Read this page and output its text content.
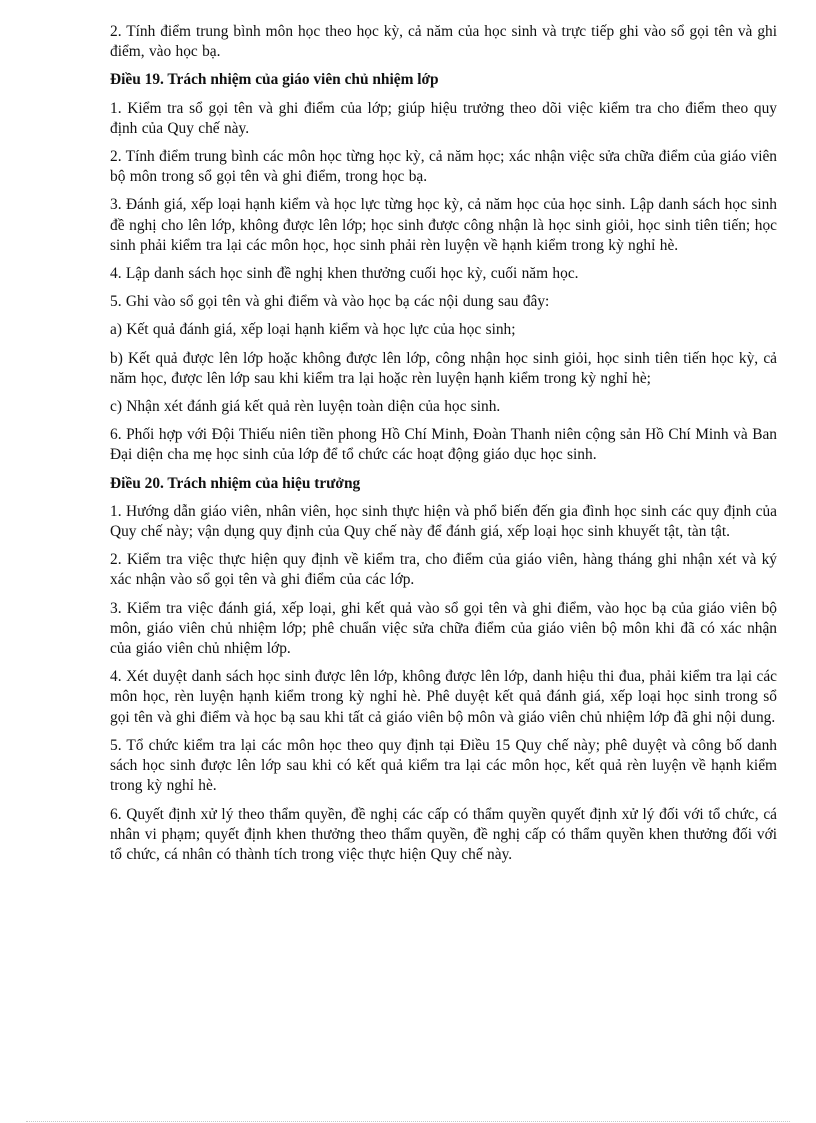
2. Tính điểm trung bình môn học theo học kỳ, cả năm của học sinh và trực tiếp ghi vào sổ gọi tên và ghi điểm, vào học bạ.

Điều 19. Trách nhiệm của giáo viên chủ nhiệm lớp

1. Kiểm tra sổ gọi tên và ghi điểm của lớp; giúp hiệu trưởng theo dõi việc kiểm tra cho điểm theo quy định của Quy chế này.

2. Tính điểm trung bình các môn học từng học kỳ, cả năm học; xác nhận việc sửa chữa điểm của giáo viên bộ môn trong sổ gọi tên và ghi điểm, trong học bạ.

3. Đánh giá, xếp loại hạnh kiểm và học lực từng học kỳ, cả năm học của học sinh. Lập danh sách học sinh đề nghị cho lên lớp, không được lên lớp; học sinh được công nhận là học sinh giỏi, học sinh tiên tiến; học sinh phải kiểm tra lại các môn học, học sinh phải rèn luyện về hạnh kiểm trong kỳ nghỉ hè.

4. Lập danh sách học sinh đề nghị khen thưởng cuối học kỳ, cuối năm học.

5. Ghi vào sổ gọi tên và ghi điểm và vào học bạ các nội dung sau đây:

a) Kết quả đánh giá, xếp loại hạnh kiểm và học lực của học sinh;

b) Kết quả được lên lớp hoặc không được lên lớp, công nhận học sinh giỏi, học sinh tiên tiến học kỳ, cả năm học, được lên lớp sau khi kiểm tra lại hoặc rèn luyện hạnh kiểm trong kỳ nghỉ hè;

c) Nhận xét đánh giá kết quả rèn luyện toàn diện của học sinh.

6. Phối hợp với Đội Thiếu niên tiền phong Hồ Chí Minh, Đoàn Thanh niên cộng sản Hồ Chí Minh và Ban Đại diện cha mẹ học sinh của lớp để tổ chức các hoạt động giáo dục học sinh.

Điều 20. Trách nhiệm của hiệu trưởng

1. Hướng dẫn giáo viên, nhân viên, học sinh thực hiện và phổ biến đến gia đình học sinh các quy định của Quy chế này; vận dụng quy định của Quy chế này để đánh giá, xếp loại học sinh khuyết tật, tàn tật.

2. Kiểm tra việc thực hiện quy định về kiểm tra, cho điểm của giáo viên, hàng tháng ghi nhận xét và ký xác nhận vào sổ gọi tên và ghi điểm của các lớp.

3. Kiểm tra việc đánh giá, xếp loại, ghi kết quả vào sổ gọi tên và ghi điểm, vào học bạ của giáo viên bộ môn, giáo viên chủ nhiệm lớp; phê chuẩn việc sửa chữa điểm của giáo viên bộ môn khi đã có xác nhận của giáo viên chủ nhiệm lớp.

4. Xét duyệt danh sách học sinh được lên lớp, không được lên lớp, danh hiệu thi đua, phải kiểm tra lại các môn học, rèn luyện hạnh kiểm trong kỳ nghỉ hè. Phê duyệt kết quả đánh giá, xếp loại học sinh trong sổ gọi tên và ghi điểm và học bạ sau khi tất cả giáo viên bộ môn và giáo viên chủ nhiệm lớp đã ghi nội dung.

5. Tổ chức kiểm tra lại các môn học theo quy định tại Điều 15 Quy chế này; phê duyệt và công bố danh sách học sinh được lên lớp sau khi có kết quả kiểm tra lại các môn học, kết quả rèn luyện về hạnh kiểm trong kỳ nghỉ hè.

6. Quyết định xử lý theo thẩm quyền, đề nghị các cấp có thẩm quyền quyết định xử lý đối với tổ chức, cá nhân vi phạm; quyết định khen thưởng theo thẩm quyền, đề nghị cấp có thẩm quyền khen thưởng đối với tổ chức, cá nhân có thành tích trong việc thực hiện Quy chế này.
